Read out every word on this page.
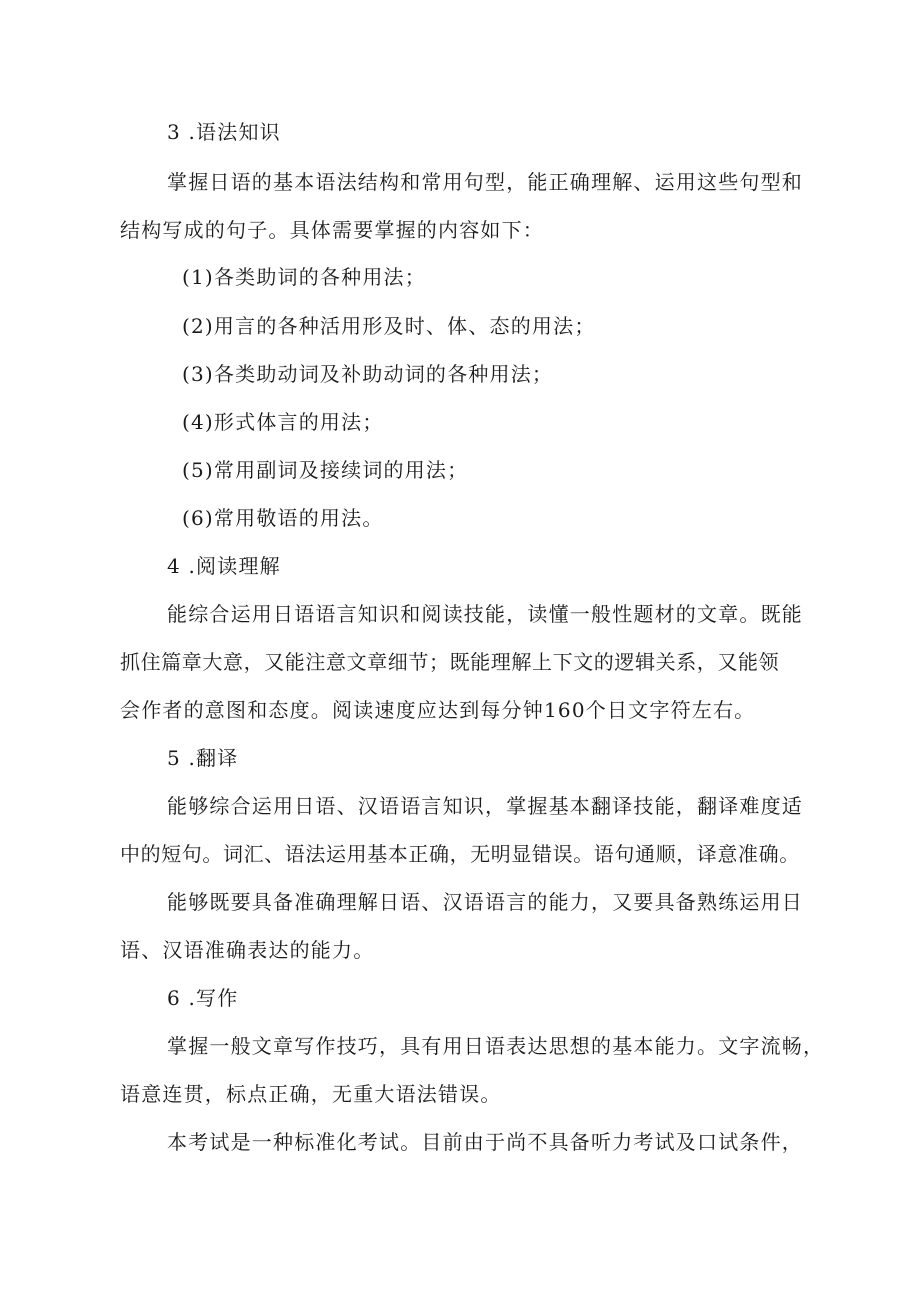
3 .语法知识
掌握日语的基本语法结构和常用句型，能正确理解、运用这些句型和
结构写成的句子。具体需要掌握的内容如下：
(1)各类助词的各种用法；
(2)用言的各种活用形及时、体、态的用法；
(3)各类助动词及补助动词的各种用法；
(4)形式体言的用法；
(5)常用副词及接续词的用法；
(6)常用敬语的用法。
4 .阅读理解
能综合运用日语语言知识和阅读技能，读懂一般性题材的文章。既能
抓住篇章大意，又能注意文章细节；既能理解上下文的逻辑关系，又能领
会作者的意图和态度。阅读速度应达到每分钟160个日文字符左右。
5 .翻译
能够综合运用日语、汉语语言知识，掌握基本翻译技能，翻译难度适
中的短句。词汇、语法运用基本正确，无明显错误。语句通顺，译意准确。
能够既要具备准确理解日语、汉语语言的能力，又要具备熟练运用日
语、汉语准确表达的能力。
6 .写作
掌握一般文章写作技巧，具有用日语表达思想的基本能力。文字流畅，
语意连贯，标点正确，无重大语法错误。
本考试是一种标准化考试。目前由于尚不具备听力考试及口试条件，
